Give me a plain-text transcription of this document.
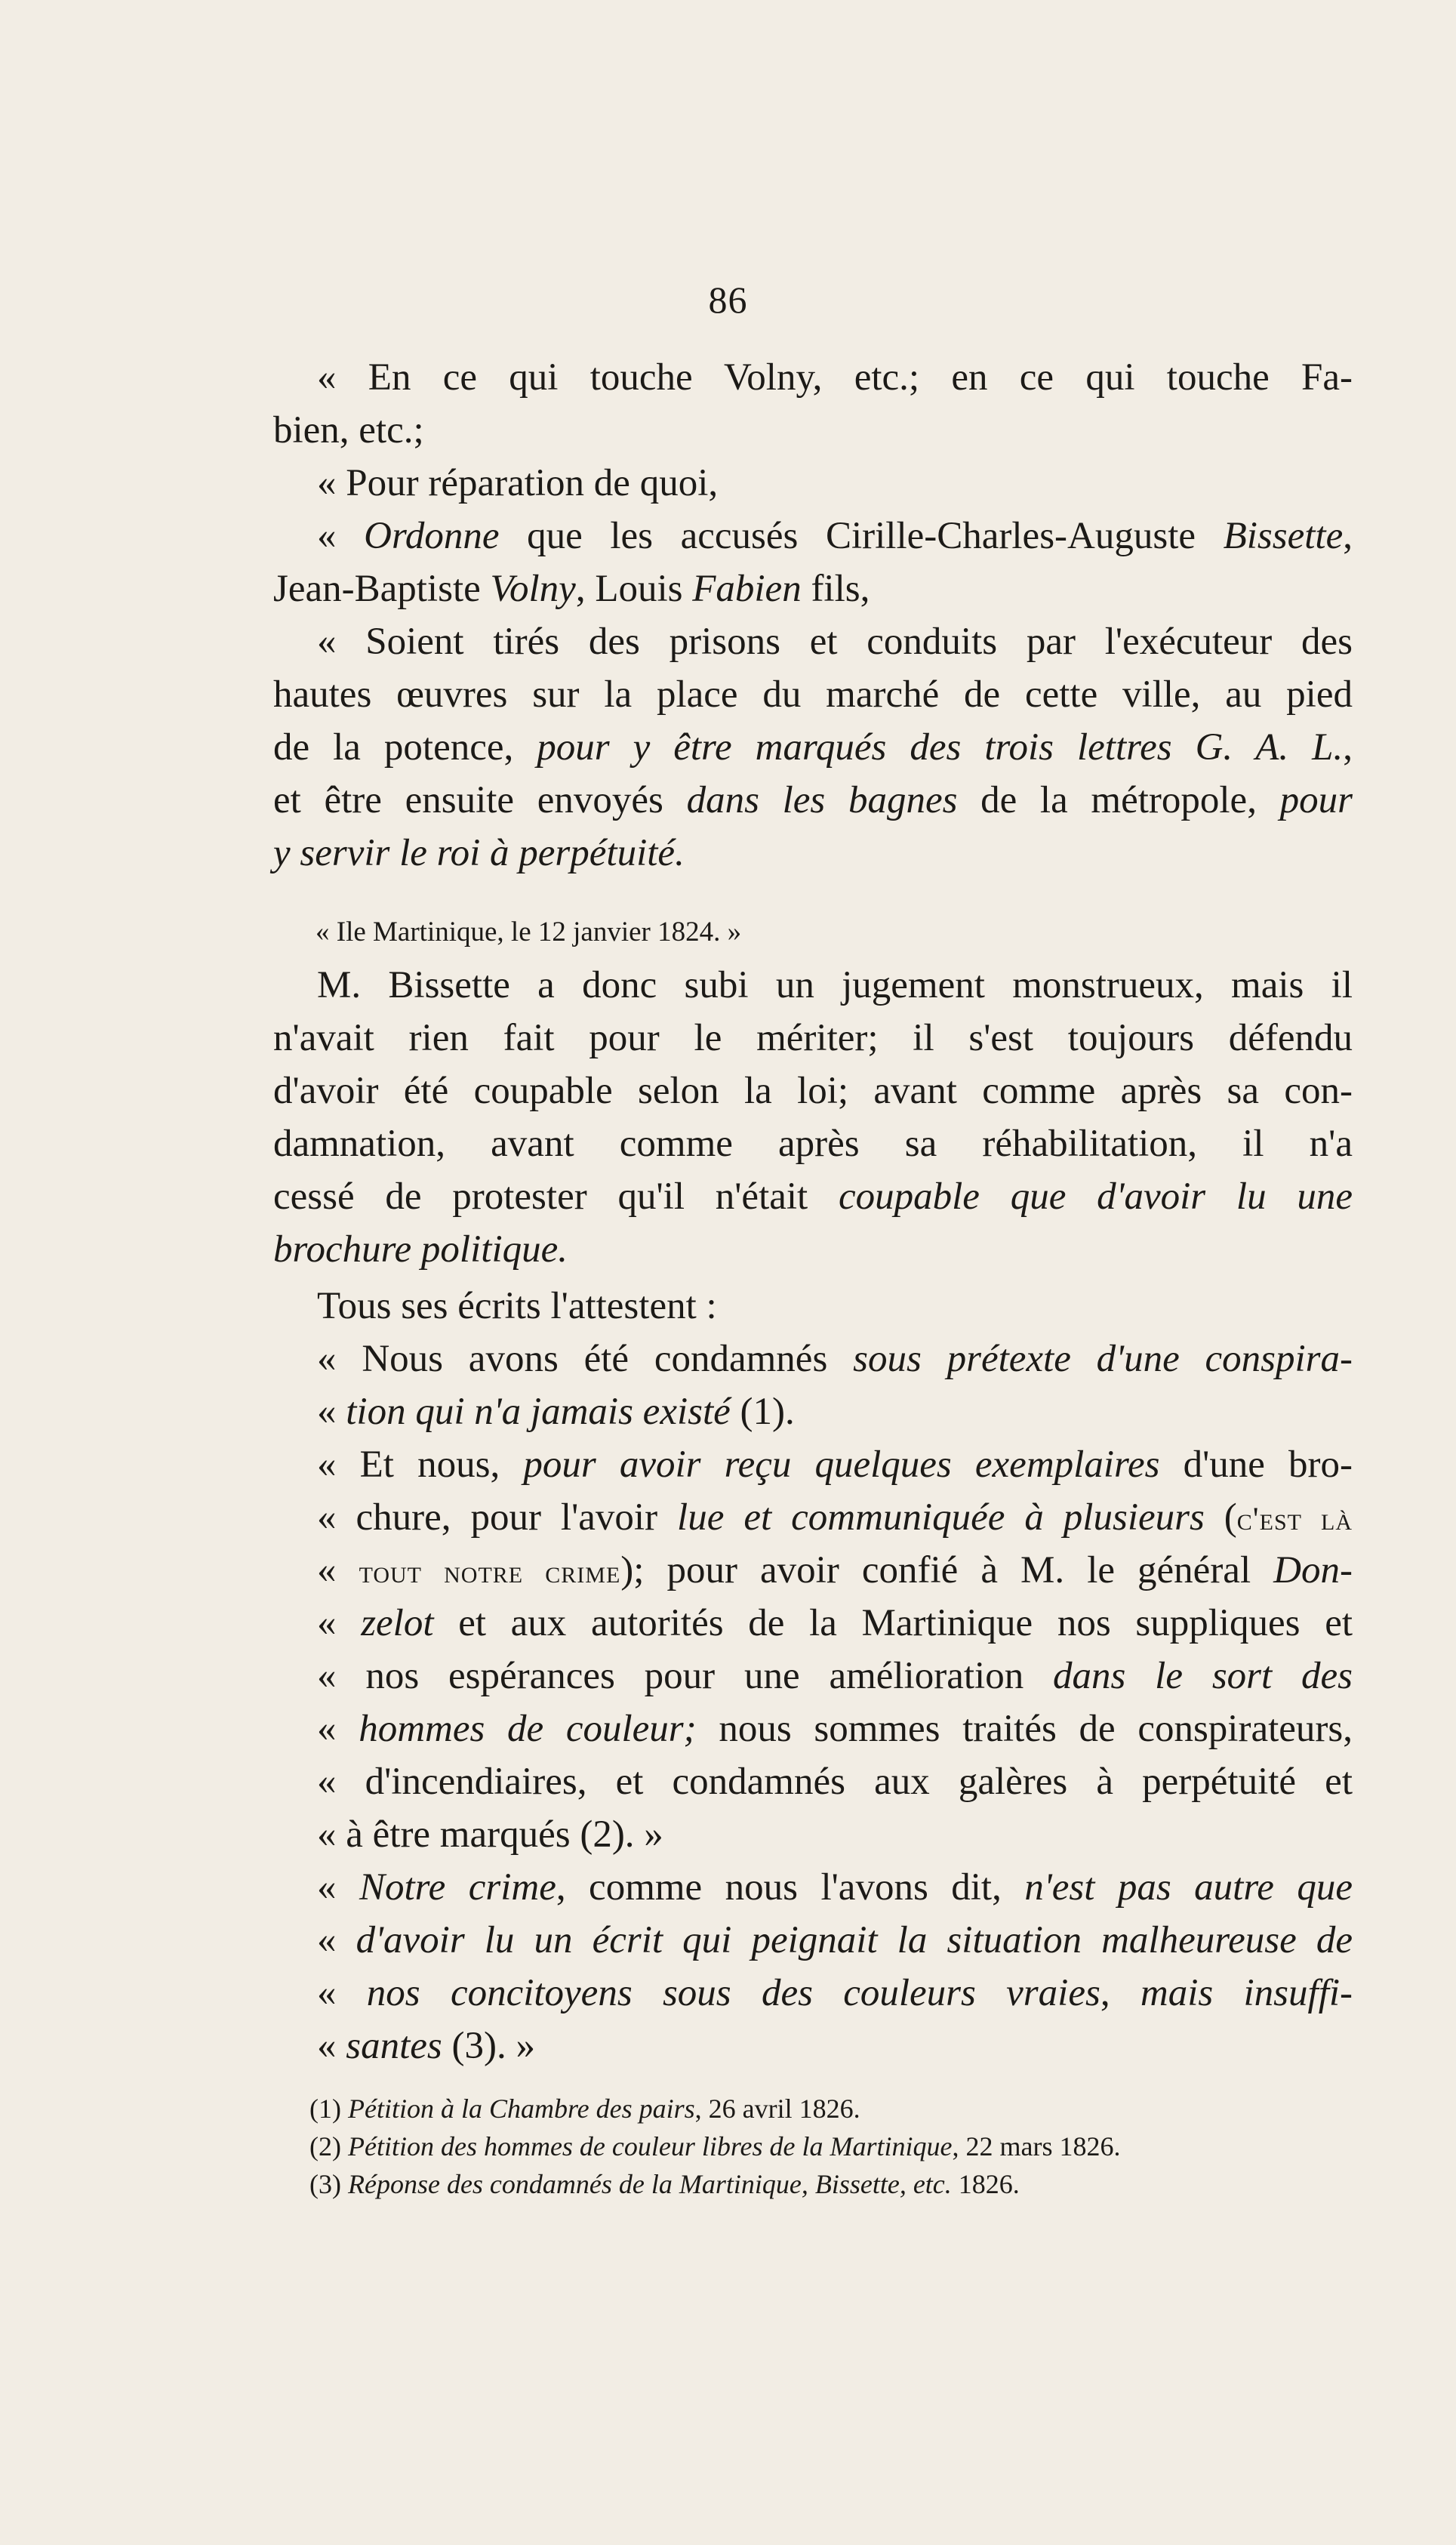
86
« En ce qui touche Volny, etc.; en ce qui touche Fa-
bien, etc.;
« Pour réparation de quoi,
« Ordonne que les accusés Cirille-Charles-Auguste Bissette,
Jean-Baptiste Volny, Louis Fabien fils,
« Soient tirés des prisons et conduits par l'exécuteur des
hautes œuvres sur la place du marché de cette ville, au pied
de la potence, pour y être marqués des trois lettres G. A. L.,
et être ensuite envoyés dans les bagnes de la métropole, pour
y servir le roi à perpétuité.
« Ile Martinique, le 12 janvier 1824. »
M. Bissette a donc subi un jugement monstrueux, mais il
n'avait rien fait pour le mériter; il s'est toujours défendu
d'avoir été coupable selon la loi; avant comme après sa con-
damnation, avant comme après sa réhabilitation, il n'a
cessé de protester qu'il n'était coupable que d'avoir lu une
brochure politique.
Tous ses écrits l'attestent :
« Nous avons été condamnés sous prétexte d'une conspira-
« tion qui n'a jamais existé (1).
« Et nous, pour avoir reçu quelques exemplaires d'une bro-
« chure, pour l'avoir lue et communiquée à plusieurs (c'est là
« tout notre crime); pour avoir confié à M. le général Don-
« zelot et aux autorités de la Martinique nos suppliques et
« nos espérances pour une amélioration dans le sort des
« hommes de couleur; nous sommes traités de conspirateurs,
« d'incendiaires, et condamnés aux galères à perpétuité et
« à être marqués (2). »
« Notre crime, comme nous l'avons dit, n'est pas autre que
« d'avoir lu un écrit qui peignait la situation malheureuse de
« nos concitoyens sous des couleurs vraies, mais insuffi-
« santes (3). »
(1) Pétition à la Chambre des pairs, 26 avril 1826.
(2) Pétition des hommes de couleur libres de la Martinique, 22 mars 1826.
(3) Réponse des condamnés de la Martinique, Bissette, etc. 1826.
